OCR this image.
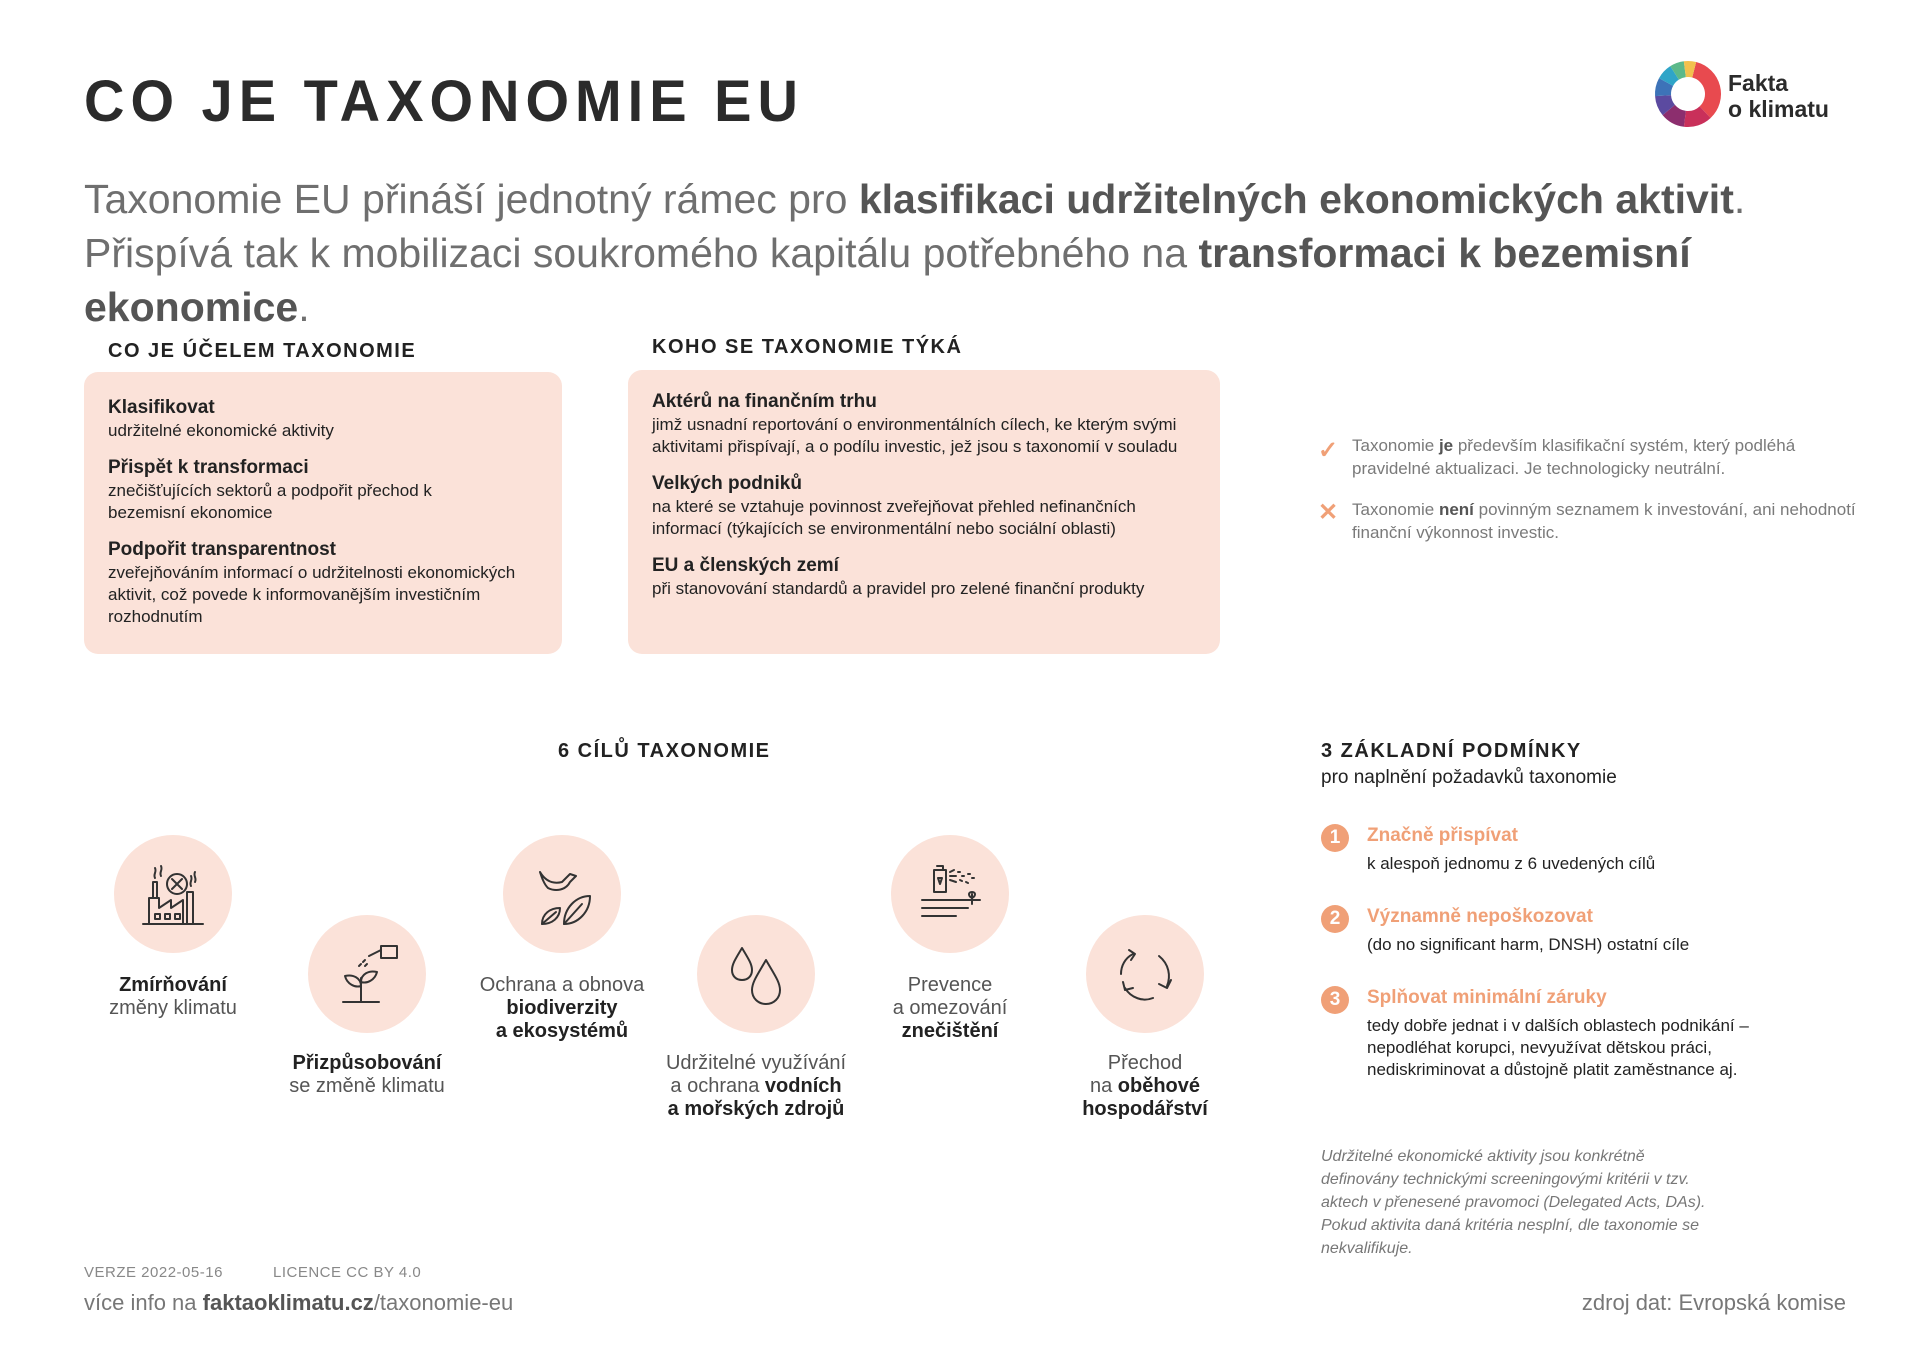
CO JE TAXONOMIE EU	Fakta
o klimatu
Taxonomie EU přináší jednotný rámec pro klasifikaci udržitelných ekonomických aktivit. Přispívá tak k mobilizaci soukromého kapitálu potřebného na transformaci k bezemisní ekonomice.
CO JE ÚČELEM TAXONOMIE
Klasifikovat
udržitelné ekonomické aktivity
Přispět k transformaci
znečišťujících sektorů a podpořit přechod k bezemisní ekonomice
Podpořit transparentnost
zveřejňováním informací o udržitelnosti ekonomických aktivit, což povede k informovanějším investičním rozhodnutím
KOHO SE TAXONOMIE TÝKÁ
Aktérů na finančním trhu
jimž usnadní reportování o environmentálních cílech, ke kterým svými aktivitami přispívají, a o podílu investic, jež jsou s taxonomií v souladu
Velkých podniků
na které se vztahuje povinnost zveřejňovat přehled nefinančních informací (týkajících se environmentální nebo sociální oblasti)
EU a členských zemí
při stanovování standardů a pravidel pro zelené finanční produkty
✓ Taxonomie je především klasifikační systém, který podléhá pravidelné aktualizaci. Je technologicky neutrální.
✕ Taxonomie není povinným seznamem k investování, ani nehodnotí finanční výkonnost investic.
6 CÍLŮ TAXONOMIE
Zmírňování
změny klimatu
Přizpůsobování
se změně klimatu
Ochrana a obnova
biodiverzity
a ekosystémů
Udržitelné využívání
a ochrana vodních
a mořských zdrojů
Prevence
a omezování
znečištění
Přechod
na oběhové
hospodářství
3 ZÁKLADNÍ PODMÍNKY
pro naplnění požadavků taxonomie
1	Značně přispívat
k alespoň jednomu z 6 uvedených cílů
2	Významně nepoškozovat
(do no significant harm, DNSH) ostatní cíle
3	Splňovat minimální záruky
tedy dobře jednat i v dalších oblastech podnikání – nepodléhat korupci, nevyužívat dětskou práci, nediskriminovat a důstojně platit zaměstnance aj.
Udržitelné ekonomické aktivity jsou konkrétně definovány technickými screeningovými kritérii v tzv. aktech v přenesené pravomoci (Delegated Acts, DAs). Pokud aktivita daná kritéria nesplní, dle taxonomie se nekvalifikuje.
VERZE 2022-05-16	LICENCE CC BY 4.0
více info na faktaoklimatu.cz/taxonomie-eu	zdroj dat: Evropská komise
